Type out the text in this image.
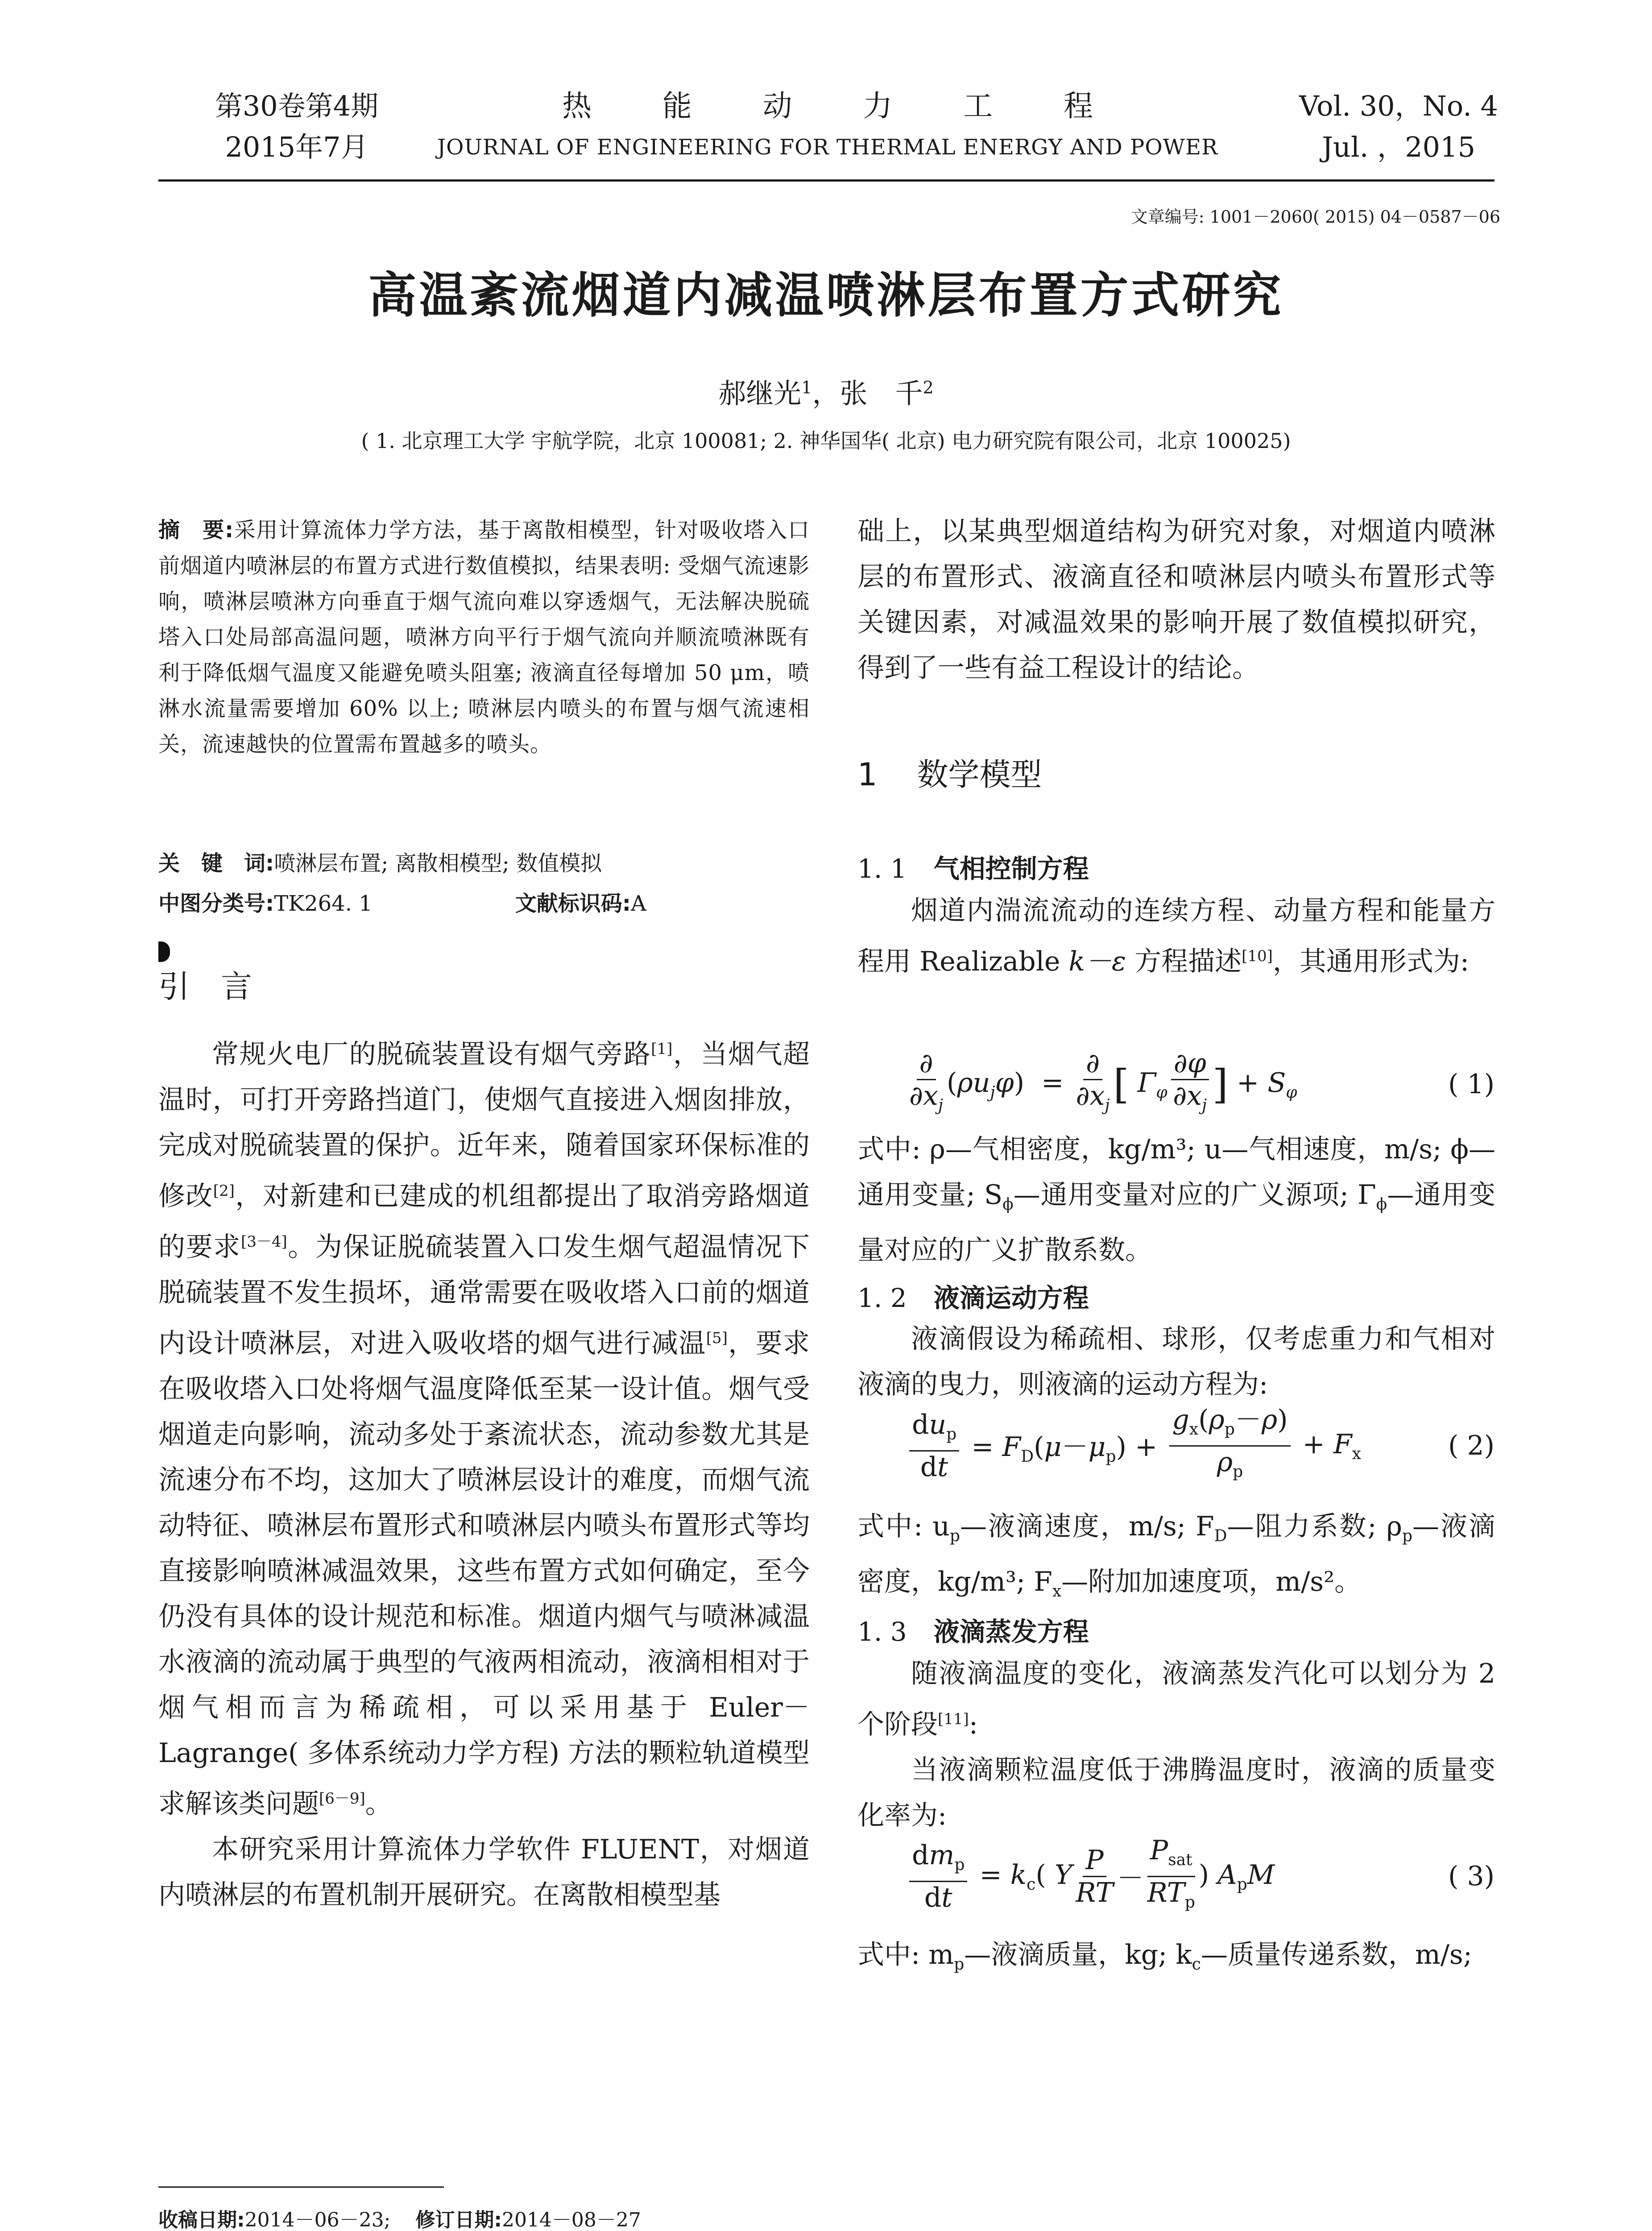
第30卷第4期
2015年7月
热 能 动 力 工 程
JOURNAL OF ENGINEERING FOR THERMAL ENERGY AND POWER
Vol. 30，No. 4
Jul. ，2015
文章编号: 1001－2060( 2015) 04－0587－06
高温紊流烟道内减温喷淋层布置方式研究
郝继光$^1$，张　千$^2$
( 1. 北京理工大学 宇航学院，北京 100081; 2. 神华国华( 北京) 电力研究院有限公司，北京 100025)
摘　要:采用计算流体力学方法，基于离散相模型，针对吸收塔入口前烟道内喷淋层的布置方式进行数值模拟，结果表明: 受烟气流速影响，喷淋层喷淋方向垂直于烟气流向难以穿透烟气，无法解决脱硫塔入口处局部高温问题，喷淋方向平行于烟气流向并顺流喷淋既有利于降低烟气温度又能避免喷头阻塞; 液滴直径每增加 50 μm，喷淋水流量需要增加 60% 以上; 喷淋层内喷头的布置与烟气流速相关，流速越快的位置需布置越多的喷头。
关　键　词:喷淋层布置; 离散相模型; 数值模拟
中图分类号:TK264. 1	文献标识码:A
引　言

常规火电厂的脱硫装置设有烟气旁路[1]，当烟气超温时，可打开旁路挡道门，使烟气直接进入烟囱排放，完成对脱硫装置的保护。近年来，随着国家环保标准的修改[2]，对新建和已建成的机组都提出了取消旁路烟道的要求[3－4]。为保证脱硫装置入口发生烟气超温情况下脱硫装置不发生损坏，通常需要在吸收塔入口前的烟道内设计喷淋层，对进入吸收塔的烟气进行减温[5]，要求在吸收塔入口处将烟气温度降低至某一设计值。烟气受烟道走向影响，流动多处于紊流状态，流动参数尤其是流速分布不均，这加大了喷淋层设计的难度，而烟气流动特征、喷淋层布置形式和喷淋层内喷头布置形式等均直接影响喷淋减温效果，这些布置方式如何确定，至今仍没有具体的设计规范和标准。烟道内烟气与喷淋减温水液滴的流动属于典型的气液两相流动，液滴相相对于烟气相而言为稀疏相，可以采用基于 Euler－Lagrange( 多体系统动力学方程) 方法的颗粒轨道模型求解该类问题[6－9]。

本研究采用计算流体力学软件 FLUENT，对烟道内喷淋层的布置机制开展研究。在离散相模型基

收稿日期:2014－06－23; 修订日期:2014－08－27
础上，以某典型烟道结构为研究对象，对烟道内喷淋层的布置形式、液滴直径和喷淋层内喷头布置形式等关键因素，对减温效果的影响开展了数值模拟研究，得到了一些有益工程设计的结论。
1 数学模型
1. 1 气相控制方程

烟道内湍流流动的连续方程、动量方程和能量方程用 Realizable k－ε 方程描述[10]，其通用形式为:

$\frac{\partial}{\partial x_j} (\rho u_j\varphi) = \frac{\partial}{\partial x_j}$ [ $\Gamma_\varphi \frac{\partial\varphi}{\partial x_j}$ ] + $S_\varphi$	( 1)
式中: ρ—气相密度，kg/m³; u—气相速度，m/s; ϕ—通用变量; $S_\phi—$通用变量对应的广义源项; $\Gamma_\phi—$通用变量对应的广义扩散系数。
1. 2 液滴运动方程

液滴假设为稀疏相、球形，仅考虑重力和气相对液滴的曳力，则液滴的运动方程为:

$\frac{du_p}{dt} = F_D(\mu-\mu_p) + \frac{g_x(\rho_p-\rho)}{\rho_p} + F_x$	( 2)
式中: $u_p—$液滴速度，m/s; $F_D—$阻力系数; $\rho_p—$液滴密度，kg/m³; $F_x—$附加加速度项，m/s²。
1. 3 液滴蒸发方程

随液滴温度的变化，液滴蒸发汽化可以划分为 2 个阶段[11]:

当液滴颗粒温度低于沸腾温度时，液滴的质量变化率为:

$\frac{dm_p}{dt} = k_c$( Y $\frac{P}{RT} - \frac{P_{sat}}{RT_p}$ ) $A_pM$	( 3)
式中: $m_p—$液滴质量，kg; $k_c—$质量传递系数，m/s;
